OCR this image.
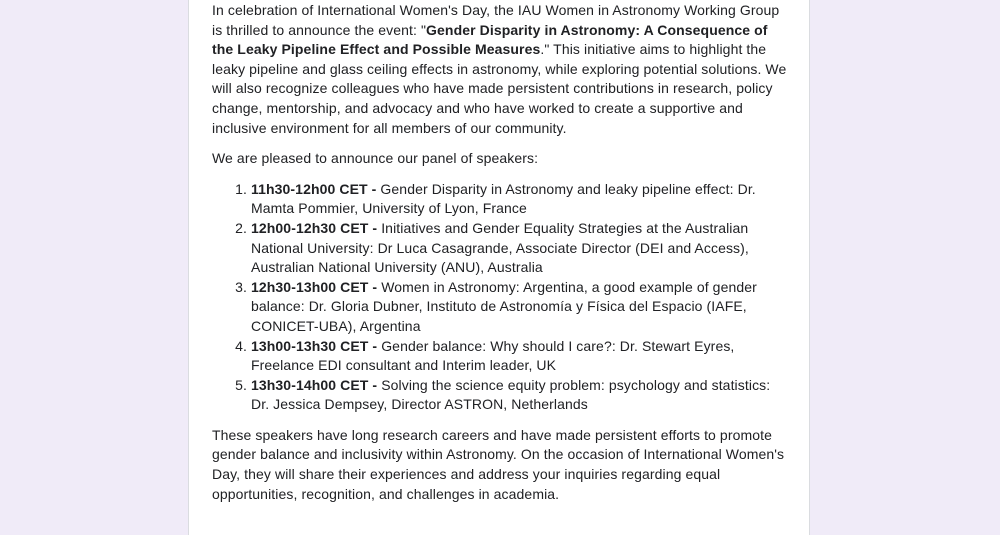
In celebration of International Women's Day, the IAU Women in Astronomy Working Group is thrilled to announce the event: "Gender Disparity in Astronomy: A Consequence of the Leaky Pipeline Effect and Possible Measures." This initiative aims to highlight the leaky pipeline and glass ceiling effects in astronomy, while exploring potential solutions. We will also recognize colleagues who have made persistent contributions in research, policy change, mentorship, and advocacy and who have worked to create a supportive and inclusive environment for all members of our community.

We are pleased to announce our panel of speakers:

1. 11h30-12h00 CET - Gender Disparity in Astronomy and leaky pipeline effect: Dr. Mamta Pommier, University of Lyon, France
2. 12h00-12h30 CET - Initiatives and Gender Equality Strategies at the Australian National University: Dr Luca Casagrande, Associate Director (DEI and Access), Australian National University (ANU), Australia
3. 12h30-13h00 CET - Women in Astronomy: Argentina, a good example of gender balance: Dr. Gloria Dubner, Instituto de Astronomía y Física del Espacio (IAFE, CONICET-UBA), Argentina
4. 13h00-13h30 CET - Gender balance: Why should I care?: Dr. Stewart Eyres, Freelance EDI consultant and Interim leader, UK
5. 13h30-14h00 CET - Solving the science equity problem: psychology and statistics: Dr. Jessica Dempsey, Director ASTRON, Netherlands

These speakers have long research careers and have made persistent efforts to promote gender balance and inclusivity within Astronomy. On the occasion of International Women's Day, they will share their experiences and address your inquiries regarding equal opportunities, recognition, and challenges in academia.
